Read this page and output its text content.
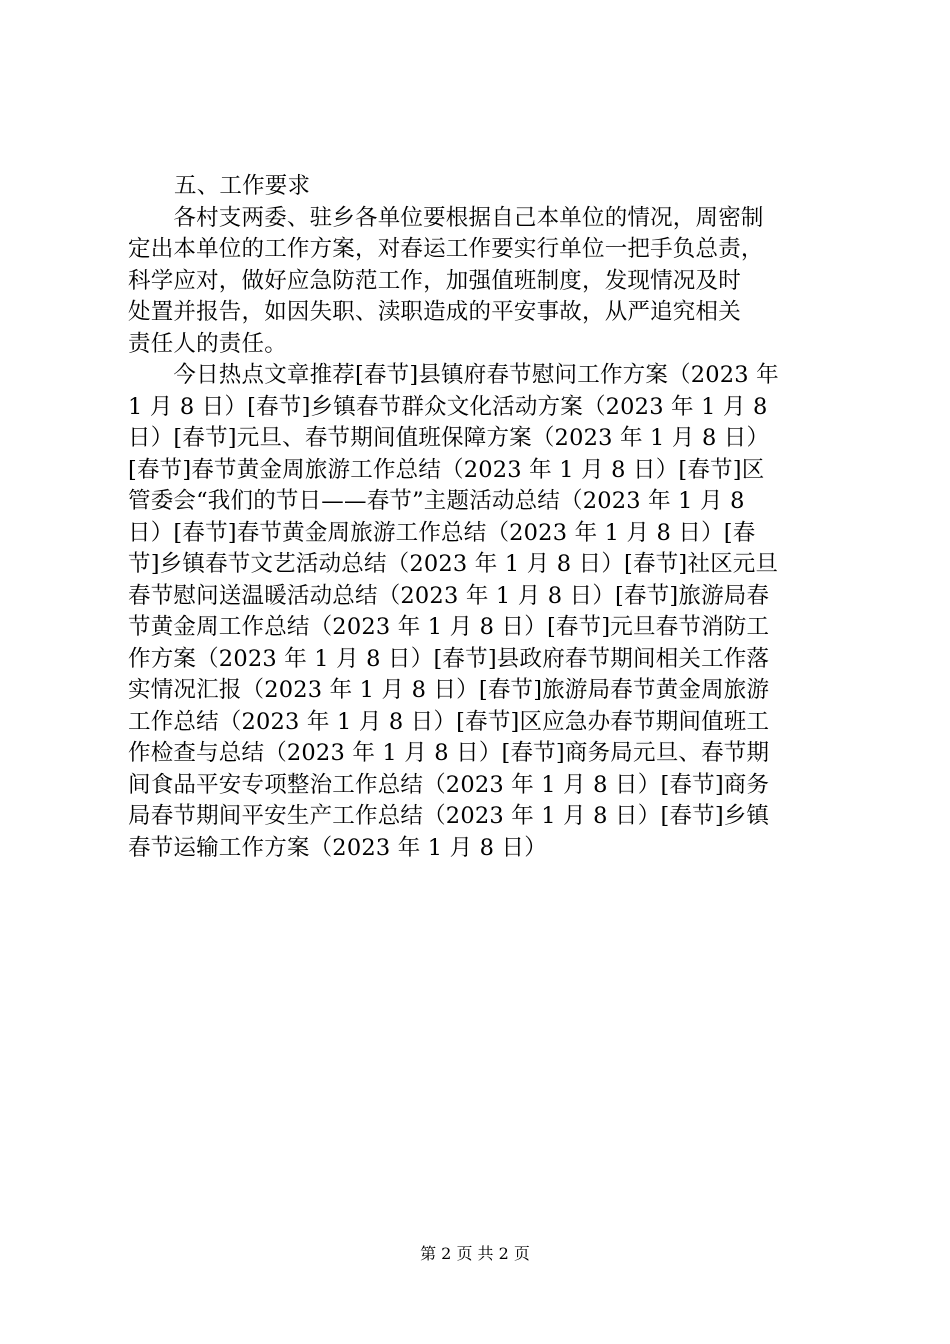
五、工作要求
　　各村支两委、驻乡各单位要根据自己本单位的情况，周密制
定出本单位的工作方案，对春运工作要实行单位一把手负总责，
科学应对，做好应急防范工作，加强值班制度，发现情况及时
处置并报告，如因失职、渎职造成的平安事故，从严追究相关
责任人的责任。
　　今日热点文章推荐[春节]县镇府春节慰问工作方案（2023 年
1 月 8 日）[春节]乡镇春节群众文化活动方案（2023 年 1 月 8
日）[春节]元旦、春节期间值班保障方案（2023 年 1 月 8 日）
[春节]春节黄金周旅游工作总结（2023 年 1 月 8 日）[春节]区
管委会“我们的节日——春节”主题活动总结（2023 年 1 月 8
日）[春节]春节黄金周旅游工作总结（2023 年 1 月 8 日）[春
节]乡镇春节文艺活动总结（2023 年 1 月 8 日）[春节]社区元旦
春节慰问送温暖活动总结（2023 年 1 月 8 日）[春节]旅游局春
节黄金周工作总结（2023 年 1 月 8 日）[春节]元旦春节消防工
作方案（2023 年 1 月 8 日）[春节]县政府春节期间相关工作落
实情况汇报（2023 年 1 月 8 日）[春节]旅游局春节黄金周旅游
工作总结（2023 年 1 月 8 日）[春节]区应急办春节期间值班工
作检查与总结（2023 年 1 月 8 日）[春节]商务局元旦、春节期
间食品平安专项整治工作总结（2023 年 1 月 8 日）[春节]商务
局春节期间平安生产工作总结（2023 年 1 月 8 日）[春节]乡镇
春节运输工作方案（2023 年 1 月 8 日）
第 2 页 共 2 页
